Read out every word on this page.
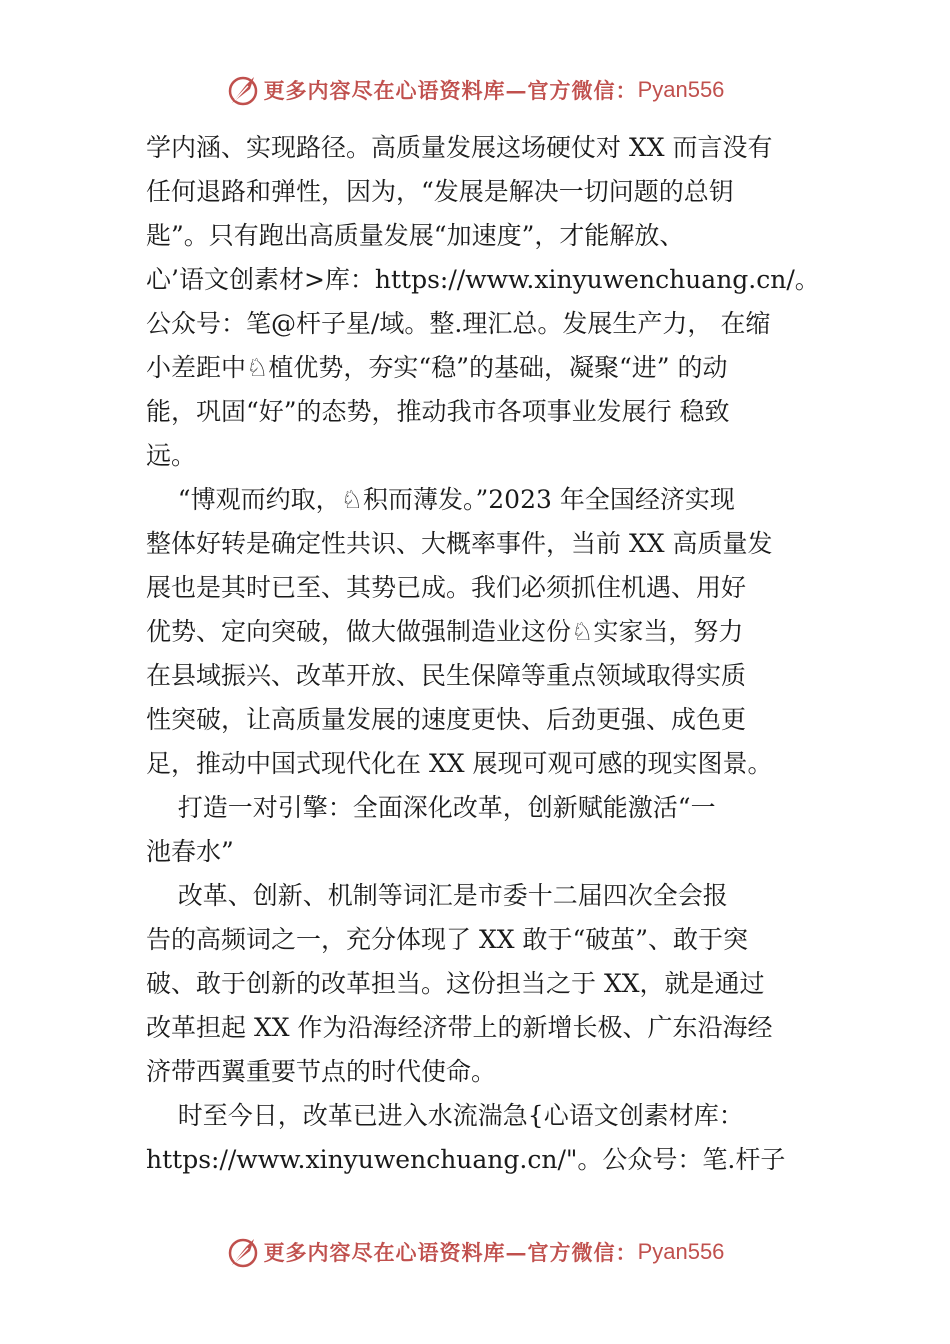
更多内容尽在心语资料库—官方微信： Pyan556
学内涵、实现路径。高质量发展这场硬仗对 XX 而言没有
任何退路和弹性，因为，“发展是解决一切问题的总钥
匙”。只有跑出高质量发展“加速度”，才能解放、
心’语文创素材>库：https://www.xinyuwenchuang.cn/。
公众号：笔@杆子星/域。整.理汇总。发展生产力， 在缩
小差距中♘植优势，夯实“稳”的基础，凝聚“进” 的动
能，巩固“好”的态势，推动我市各项事业发展行 稳致
远。
“博观而约取，♘积而薄发。”2023 年全国经济实现
整体好转是确定性共识、大概率事件，当前 XX 高质量发
展也是其时已至、其势已成。我们必须抓住机遇、用好
优势、定向突破，做大做强制造业这份♘实家当，努力
在县域振兴、改革开放、民生保障等重点领域取得实质
性突破，让高质量发展的速度更快、后劲更强、成色更
足，推动中国式现代化在 XX 展现可观可感的现实图景。
打造一对引擎：全面深化改革，创新赋能激活“一
池春水”
改革、创新、机制等词汇是市委十二届四次全会报
告的高频词之一，充分体现了 XX 敢于“破茧”、敢于突
破、敢于创新的改革担当。这份担当之于 XX，就是通过
改革担起 XX 作为沿海经济带上的新增长极、广东沿海经
济带西翼重要节点的时代使命。
时至今日，改革已进入水流湍急{心语文创素材库：
https://www.xinyuwenchuang.cn/"。公众号：笔.杆子
更多内容尽在心语资料库—官方微信： Pyan556
